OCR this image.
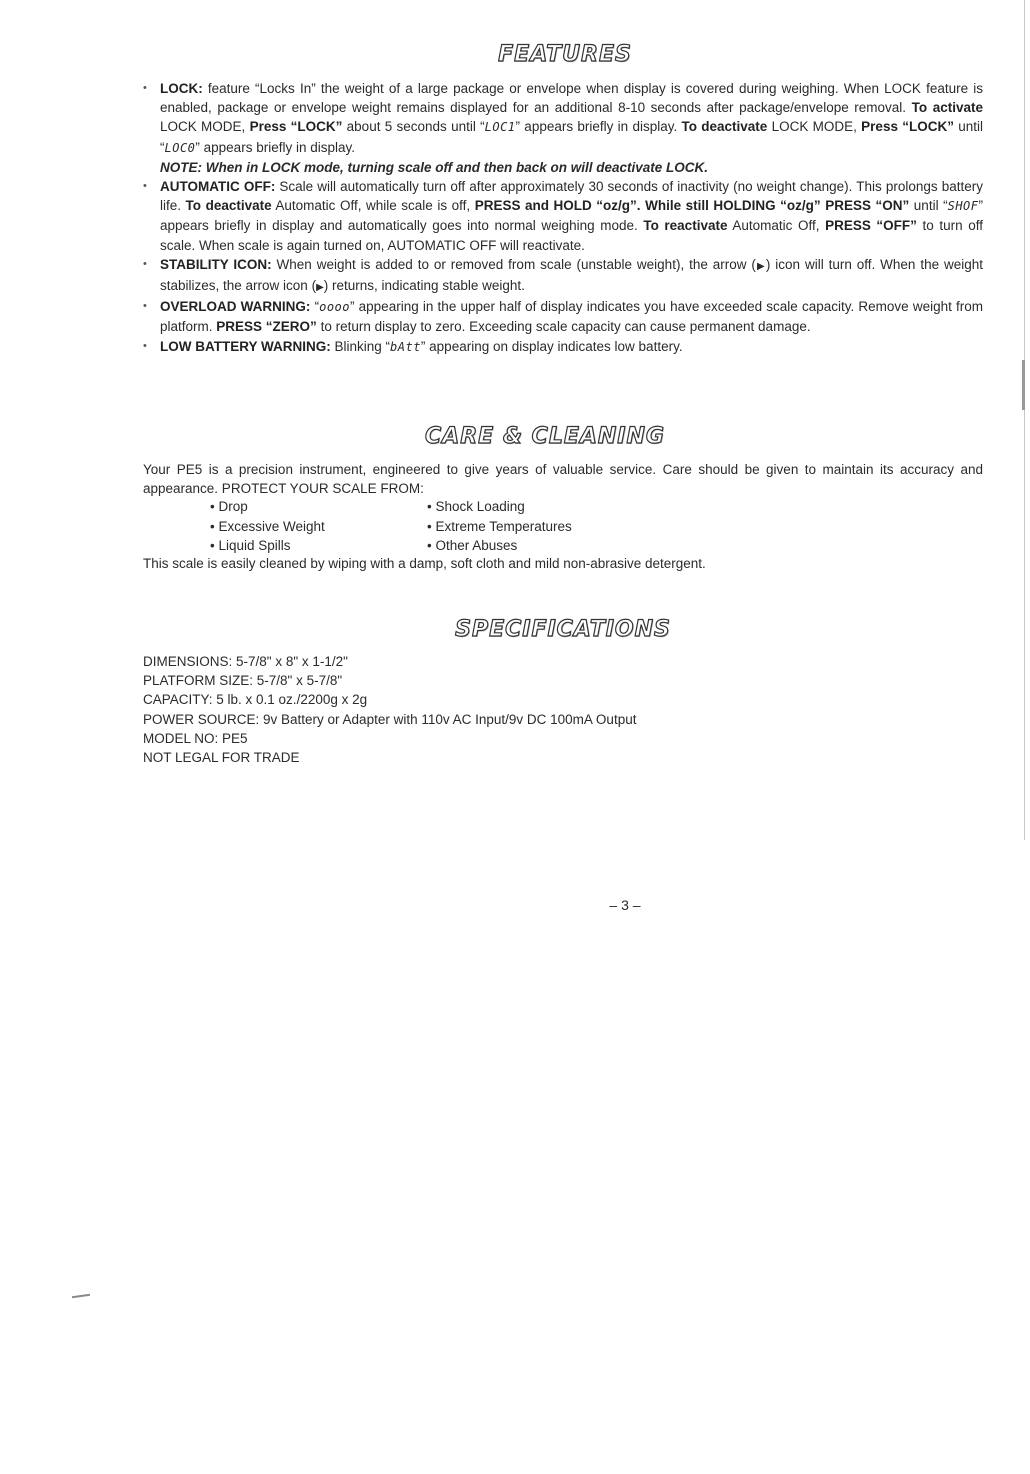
FEATURES
• LOCK: feature “Locks In” the weight of a large package or envelope when display is covered during weighing. When LOCK feature is enabled, package or envelope weight remains displayed for an additional 8-10 seconds after package/envelope removal. To activate LOCK MODE, Press “LOCK” about 5 seconds until “LOC1” appears briefly in display. To deactivate LOCK MODE, Press “LOCK” until “LOC0” appears briefly in display.
NOTE: When in LOCK mode, turning scale off and then back on will deactivate LOCK.
• AUTOMATIC OFF: Scale will automatically turn off after approximately 30 seconds of inactivity (no weight change). This prolongs battery life. To deactivate Automatic Off, while scale is off, PRESS and HOLD “oz/g”. While still HOLDING “oz/g” PRESS “ON” until “SHOF” appears briefly in display and automatically goes into normal weighing mode. To reactivate Automatic Off, PRESS “OFF” to turn off scale. When scale is again turned on, AUTOMATIC OFF will reactivate.
• STABILITY ICON: When weight is added to or removed from scale (unstable weight), the arrow (▶) icon will turn off. When the weight stabilizes, the arrow icon (▶) returns, indicating stable weight.
• OVERLOAD WARNING: “oooo” appearing in the upper half of display indicates you have exceeded scale capacity. Remove weight from platform. PRESS “ZERO” to return display to zero. Exceeding scale capacity can cause permanent damage.
• LOW BATTERY WARNING: Blinking “bAtt” appearing on display indicates low battery.
CARE & CLEANING

Your PE5 is a precision instrument, engineered to give years of valuable service. Care should be given to maintain its accuracy and appearance. PROTECT YOUR SCALE FROM:

• Drop	• Shock Loading
• Excessive Weight	• Extreme Temperatures
• Liquid Spills	• Other Abuses
This scale is easily cleaned by wiping with a damp, soft cloth and mild non-abrasive detergent.
SPECIFICATIONS
DIMENSIONS: 5-7/8" x 8" x 1-1/2"
PLATFORM SIZE: 5-7/8" x 5-7/8"
CAPACITY: 5 lb. x 0.1 oz./2200g x 2g
POWER SOURCE: 9v Battery or Adapter with 110v AC Input/9v DC 100mA Output
MODEL NO: PE5
NOT LEGAL FOR TRADE
– 3 –
